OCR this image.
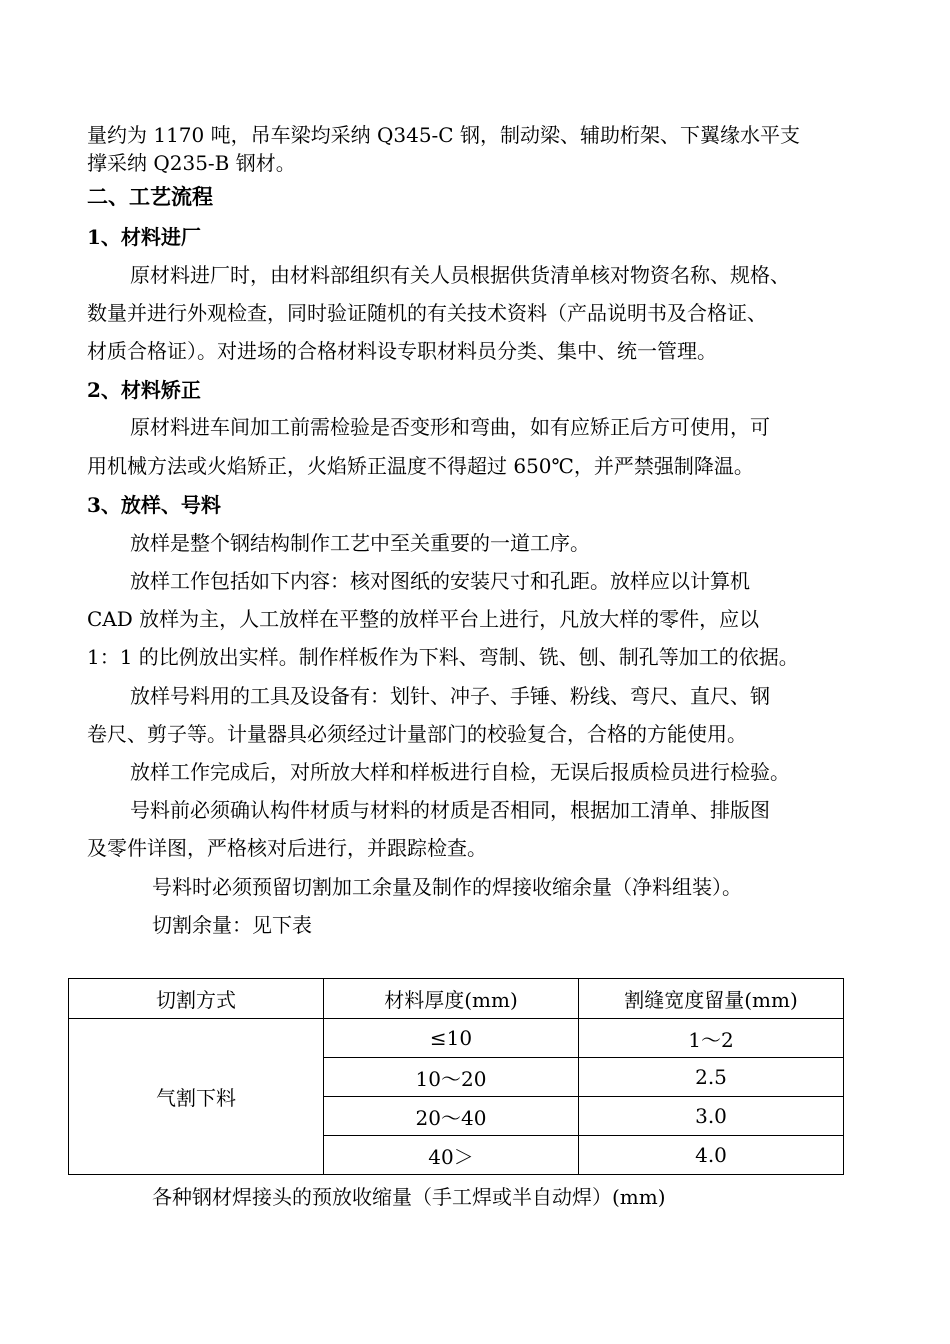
量约为 1170 吨，吊车梁均采纳 Q345-C 钢，制动梁、辅助桁架、下翼缘水平支
撑采纳 Q235-B 钢材。
二、工艺流程
1、材料进厂
原材料进厂时，由材料部组织有关人员根据供货清单核对物资名称、规格、
数量并进行外观检查，同时验证随机的有关技术资料（产品说明书及合格证、
材质合格证）。对进场的合格材料设专职材料员分类、集中、统一管理。
2、材料矫正
原材料进车间加工前需检验是否变形和弯曲，如有应矫正后方可使用，可
用机械方法或火焰矫正，火焰矫正温度不得超过 650℃，并严禁强制降温。
3、放样、号料
放样是整个钢结构制作工艺中至关重要的一道工序。
放样工作包括如下内容：核对图纸的安装尺寸和孔距。放样应以计算机
CAD 放样为主，人工放样在平整的放样平台上进行，凡放大样的零件，应以
1：1 的比例放出实样。制作样板作为下料、弯制、铣、刨、制孔等加工的依据。
放样号料用的工具及设备有：划针、冲子、手锤、粉线、弯尺、直尺、钢
卷尺、剪子等。计量器具必须经过计量部门的校验复合，合格的方能使用。
放样工作完成后，对所放大样和样板进行自检，无误后报质检员进行检验。
号料前必须确认构件材质与材料的材质是否相同，根据加工清单、排版图
及零件详图，严格核对后进行，并跟踪检查。
号料时必须预留切割加工余量及制作的焊接收缩余量（净料组装）。
切割余量：见下表
切割方式	材料厚度(mm)	割缝宽度留量(mm)
气割下料	≤10	1～2
	10～20	2.5
	20～40	3.0
	40＞	4.0
各种钢材焊接头的预放收缩量（手工焊或半自动焊）(mm)
